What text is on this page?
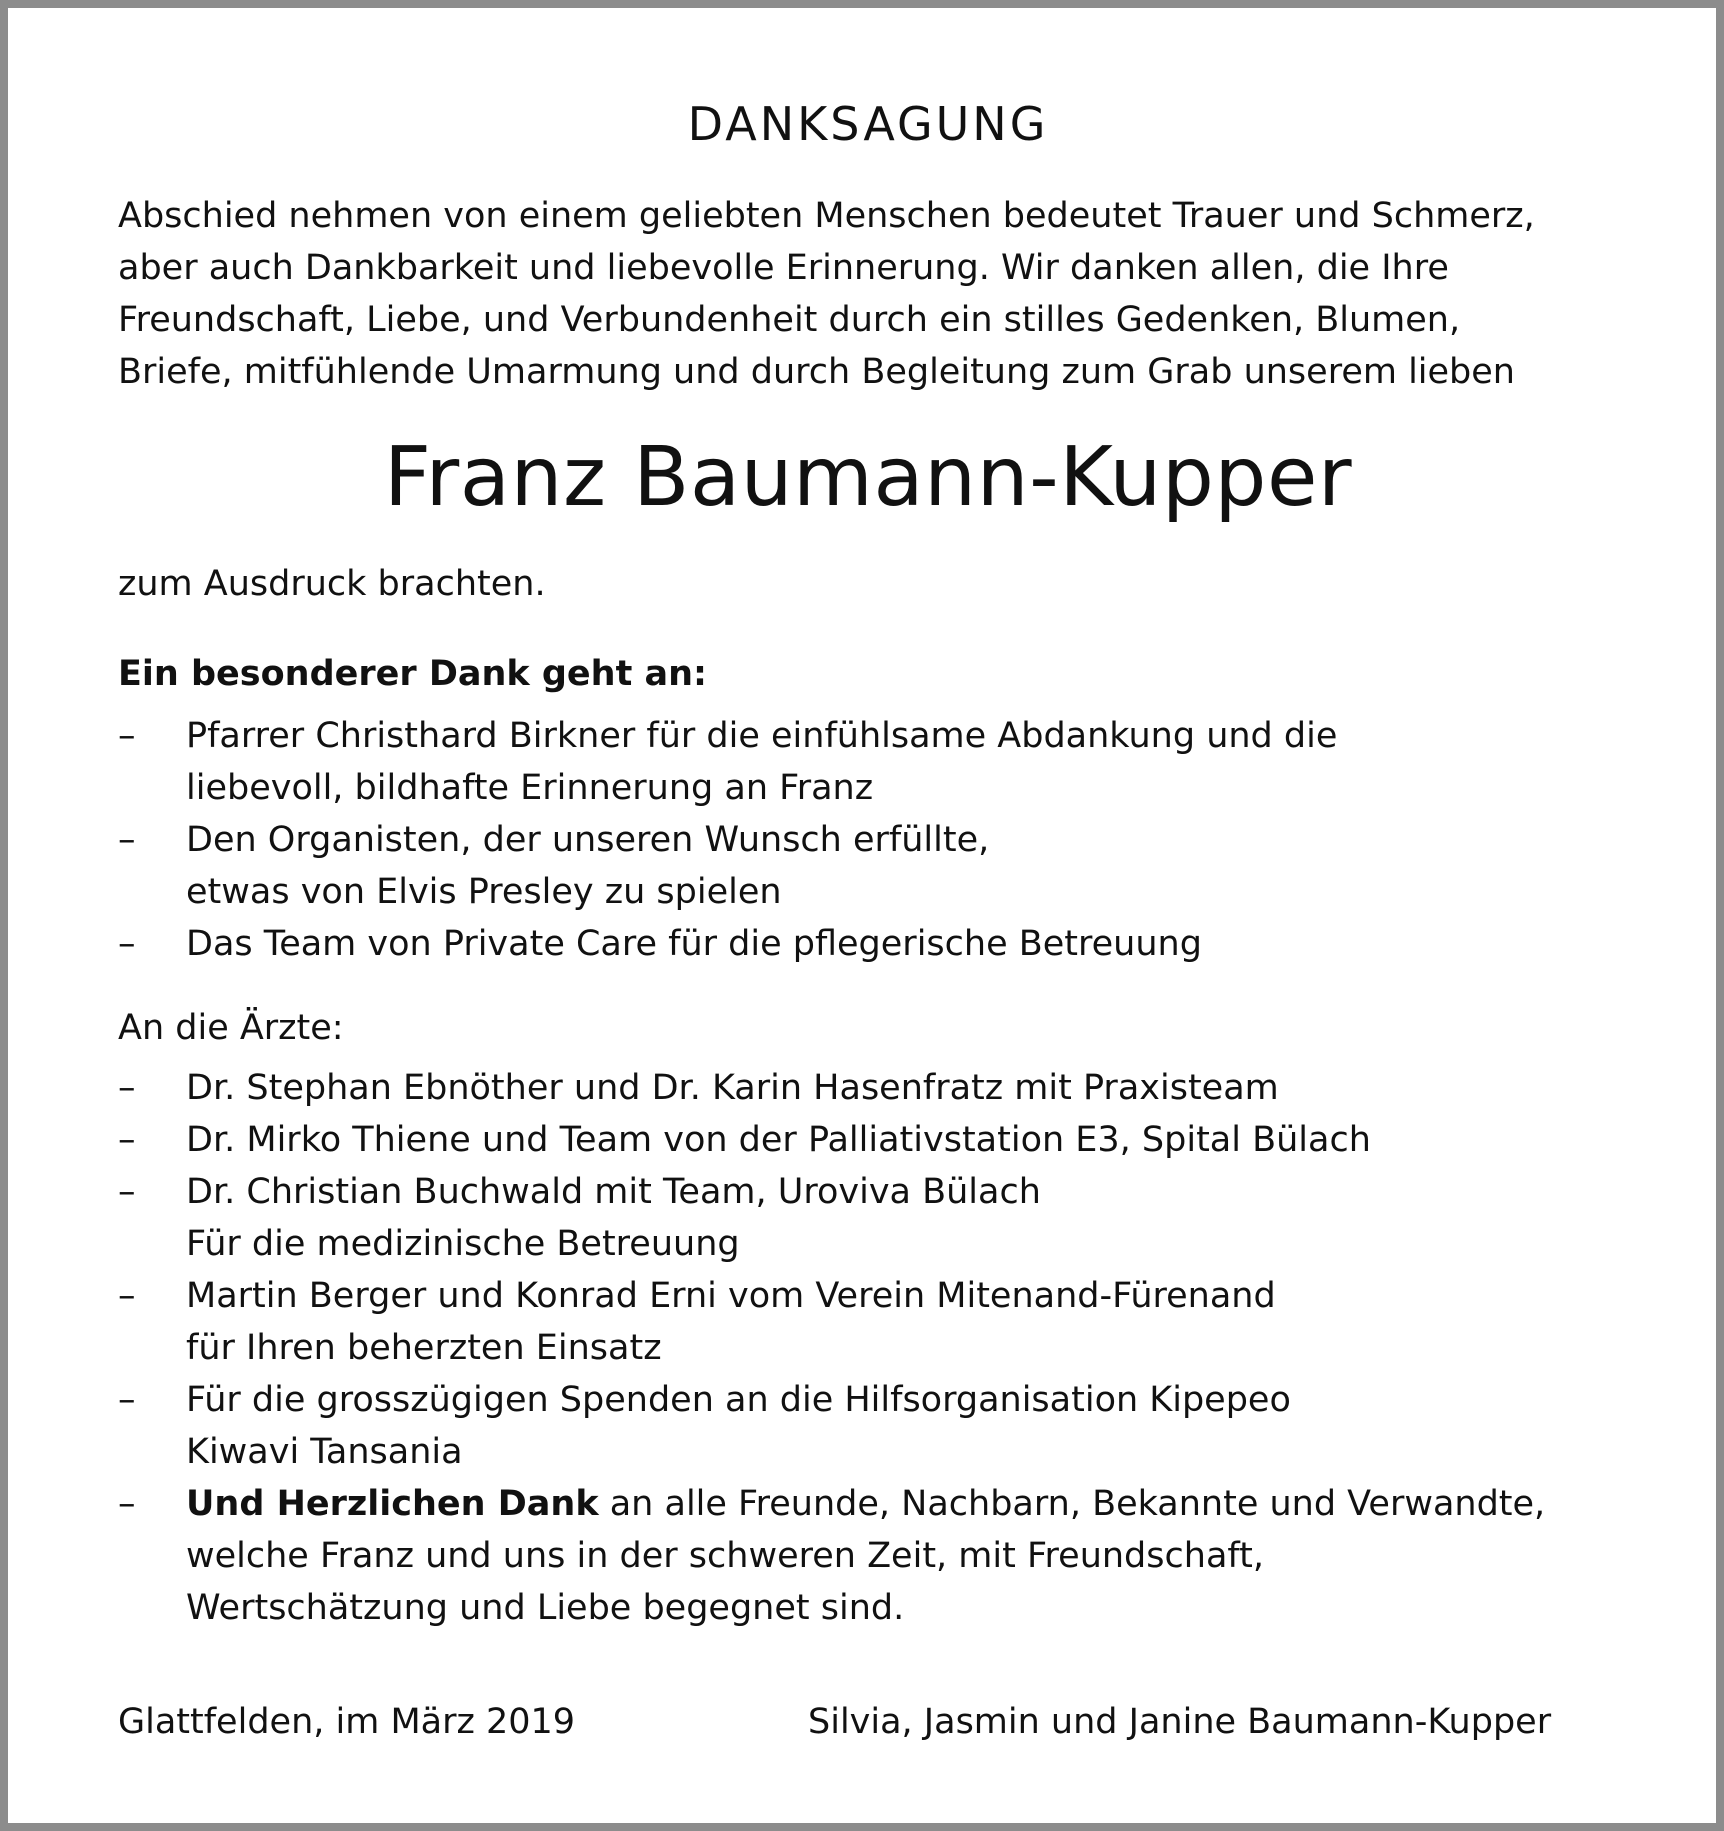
DANKSAGUNG
Abschied nehmen von einem geliebten Menschen bedeutet Trauer und Schmerz,
aber auch Dankbarkeit und liebevolle Erinnerung. Wir danken allen, die Ihre
Freundschaft, Liebe, und Verbundenheit durch ein stilles Gedenken, Blumen,
Briefe, mitfühlende Umarmung und durch Begleitung zum Grab unserem lieben
Franz Baumann-Kupper
zum Ausdruck brachten.
Ein besonderer Dank geht an:
– Pfarrer Christhard Birkner für die einfühlsame Abdankung und die
liebevoll, bildhafte Erinnerung an Franz
– Den Organisten, der unseren Wunsch erfüllte,
etwas von Elvis Presley zu spielen
– Das Team von Private Care für die pflegerische Betreuung
An die Ärzte:
– Dr. Stephan Ebnöther und Dr. Karin Hasenfratz mit Praxisteam
– Dr. Mirko Thiene und Team von der Palliativstation E3, Spital Bülach
– Dr. Christian Buchwald mit Team, Uroviva Bülach
Für die medizinische Betreuung
– Martin Berger und Konrad Erni vom Verein Mitenand-Fürenand
für Ihren beherzten Einsatz
– Für die grosszügigen Spenden an die Hilfsorganisation Kipepeo
Kiwavi Tansania
– Und Herzlichen Dank an alle Freunde, Nachbarn, Bekannte und Verwandte,
welche Franz und uns in der schweren Zeit, mit Freundschaft,
Wertschätzung und Liebe begegnet sind.
Glattfelden, im März 2019	Silvia, Jasmin und Janine Baumann-Kupper
